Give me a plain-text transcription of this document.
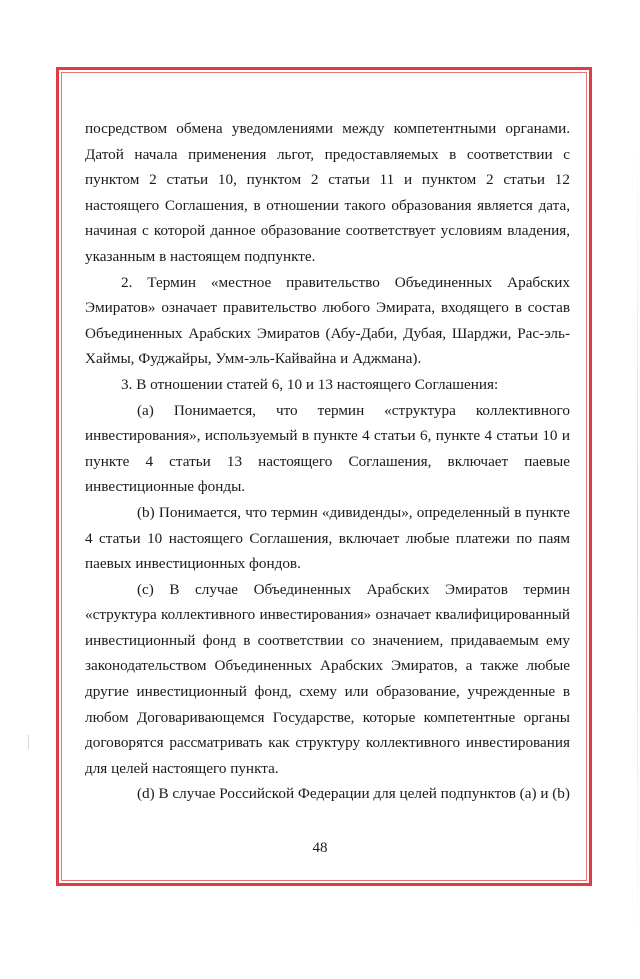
посредством обмена уведомлениями между компетентными органами. Датой начала применения льгот, предоставляемых в соответствии с пунктом 2 статьи 10, пунктом 2 статьи 11 и пунктом 2 статьи 12 настоящего Соглашения, в отношении такого образования является дата, начиная с которой данное образование соответствует условиям владения, указанным в настоящем подпункте.

2. Термин «местное правительство Объединенных Арабских Эмиратов» означает правительство любого Эмирата, входящего в состав Объединенных Арабских Эмиратов (Абу-Даби, Дубая, Шарджи, Рас-эль-Хаймы, Фуджайры, Умм-эль-Кайвайна и Аджмана).

3. В отношении статей 6, 10 и 13 настоящего Соглашения:

(a) Понимается, что термин «структура коллективного инвестирования», используемый в пункте 4 статьи 6, пункте 4 статьи 10 и пункте 4 статьи 13 настоящего Соглашения, включает паевые инвестиционные фонды.

(b) Понимается, что термин «дивиденды», определенный в пункте 4 статьи 10 настоящего Соглашения, включает любые платежи по паям паевых инвестиционных фондов.

(c) В случае Объединенных Арабских Эмиратов термин «структура коллективного инвестирования» означает квалифицированный инвестиционный фонд в соответствии со значением, придаваемым ему законодательством Объединенных Арабских Эмиратов, а также любые другие инвестиционный фонд, схему или образование, учрежденные в любом Договаривающемся Государстве, которые компетентные органы договорятся рассматривать как структуру коллективного инвестирования для целей настоящего пункта.

(d) В случае Российской Федерации для целей подпунктов (a) и (b)

48
